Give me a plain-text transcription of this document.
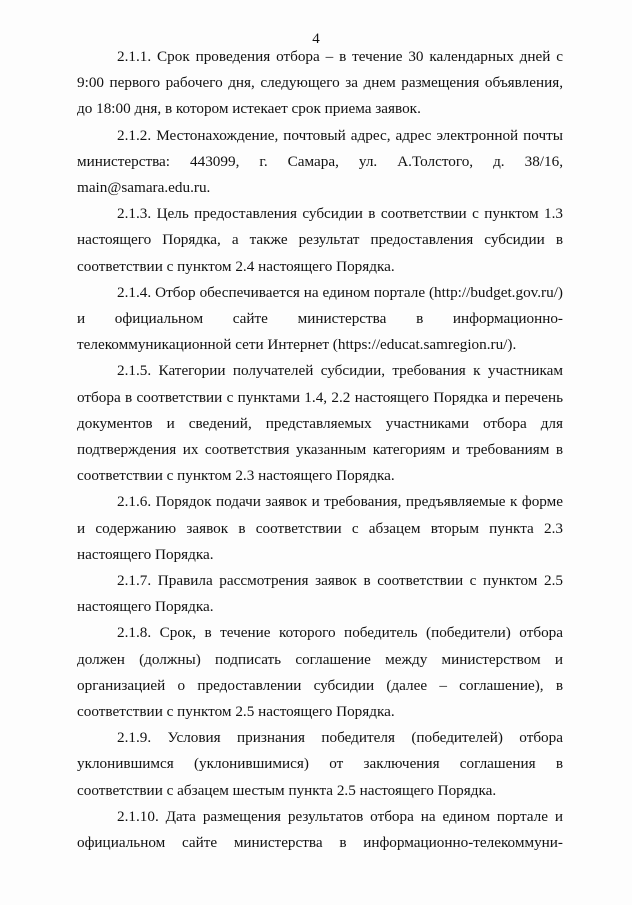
4

2.1.1. Срок проведения отбора – в течение 30 календарных дней с 9:00 первого рабочего дня, следующего за днем размещения объявления, до 18:00 дня, в котором истекает срок приема заявок.

2.1.2. Местонахождение, почтовый адрес, адрес электронной почты министерства: 443099, г. Самара, ул. А.Толстого, д. 38/16, main@samara.edu.ru.

2.1.3. Цель предоставления субсидии в соответствии с пунктом 1.3 настоящего Порядка, а также результат предоставления субсидии в соответствии с пунктом 2.4 настоящего Порядка.

2.1.4. Отбор обеспечивается на едином портале (http://budget.gov.ru/) и официальном сайте министерства в информационно-телекоммуникационной сети Интернет (https://educat.samregion.ru/).

2.1.5. Категории получателей субсидии, требования к участникам отбора в соответствии с пунктами 1.4, 2.2 настоящего Порядка и перечень документов и сведений, представляемых участниками отбора для подтверждения их соответствия указанным категориям и требованиям в соответствии с пунктом 2.3 настоящего Порядка.

2.1.6. Порядок подачи заявок и требования, предъявляемые к форме и содержанию заявок в соответствии с абзацем вторым пункта 2.3 настоящего Порядка.

2.1.7. Правила рассмотрения заявок в соответствии с пунктом 2.5 настоящего Порядка.

2.1.8. Срок, в течение которого победитель (победители) отбора должен (должны) подписать соглашение между министерством и организацией о предоставлении субсидии (далее – соглашение), в соответствии с пунктом 2.5 настоящего Порядка.

2.1.9. Условия признания победителя (победителей) отбора уклонившимся (уклонившимися) от заключения соглашения в соответствии с абзацем шестым пункта 2.5 настоящего Порядка.

2.1.10. Дата размещения результатов отбора на едином портале и официальном сайте министерства в информационно-телекоммуни-
